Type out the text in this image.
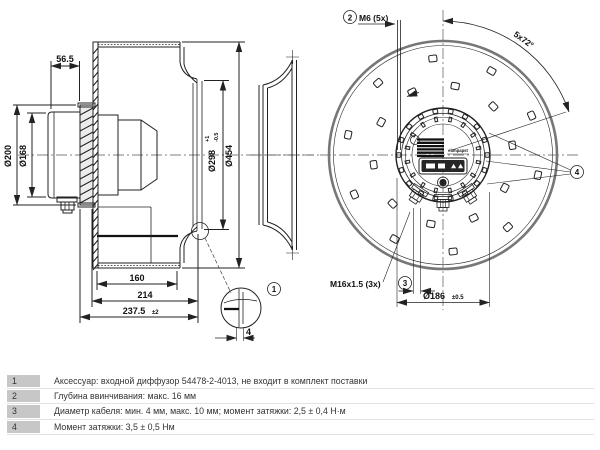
56.5
Ø200 Ø168	Ø298
+1 -0.5
Ø454
160
214
237.5 ±2
4
1
ebmpapst
2 M6 (5x)
5x72°
4
M16x1.5 (3x)	3
Ø186 ±0.5
1	Аксессуар: входной диффузор 54478-2-4013, не входит в комплект поставки
2	Глубина ввинчивания: макс. 16 мм
3	Диаметр кабеля: мин. 4 мм, макс. 10 мм; момент затяжки: 2,5 ± 0,4 Н·м
4	Момент затяжки: 3,5 ± 0,5 Нм
